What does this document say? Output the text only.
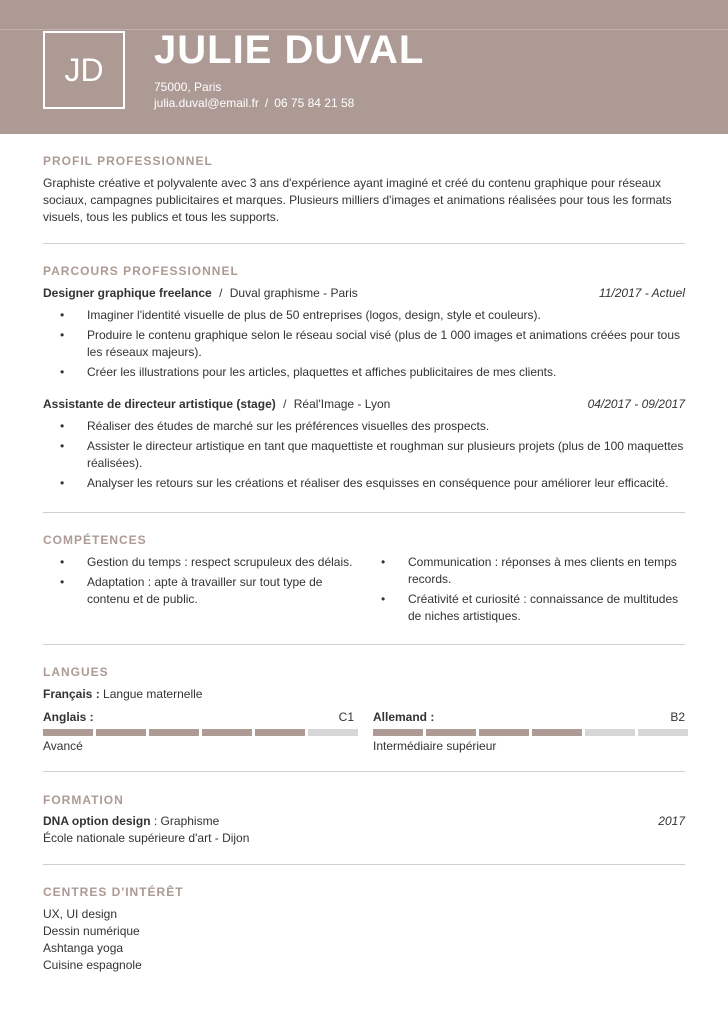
JD	JULIE DUVAL
75000, Paris
julia.duval@email.fr / 06 75 84 21 58
PROFIL PROFESSIONNEL
Graphiste créative et polyvalente avec 3 ans d'expérience ayant imaginé et créé du contenu graphique pour réseaux sociaux, campagnes publicitaires et marques. Plusieurs milliers d'images et animations réalisées pour tous les formats visuels, tous les publics et tous les supports.
PARCOURS PROFESSIONNEL
Designer graphique freelance / Duval graphisme - Paris	11/2017 - Actuel
• Imaginer l'identité visuelle de plus de 50 entreprises (logos, design, style et couleurs).
• Produire le contenu graphique selon le réseau social visé (plus de 1 000 images et animations créées pour tous les réseaux majeurs).
• Créer les illustrations pour les articles, plaquettes et affiches publicitaires de mes clients.
Assistante de directeur artistique (stage) / Réal'Image - Lyon	04/2017 - 09/2017
• Réaliser des études de marché sur les préférences visuelles des prospects.
• Assister le directeur artistique en tant que maquettiste et roughman sur plusieurs projets (plus de 100 maquettes réalisées).
• Analyser les retours sur les créations et réaliser des esquisses en conséquence pour améliorer leur efficacité.
COMPÉTENCES
• Gestion du temps : respect scrupuleux des délais.
• Adaptation : apte à travailler sur tout type de contenu et de public.
• Communication : réponses à mes clients en temps records.
• Créativité et curiosité : connaissance de multitudes de niches artistiques.
LANGUES
Français : Langue maternelle
Anglais :	C1
Avancé
Allemand :	B2
Intermédiaire supérieur
FORMATION
DNA option design : Graphisme	2017
École nationale supérieure d'art - Dijon
CENTRES D'INTÉRÊT
UX, UI design
Dessin numérique
Ashtanga yoga
Cuisine espagnole
